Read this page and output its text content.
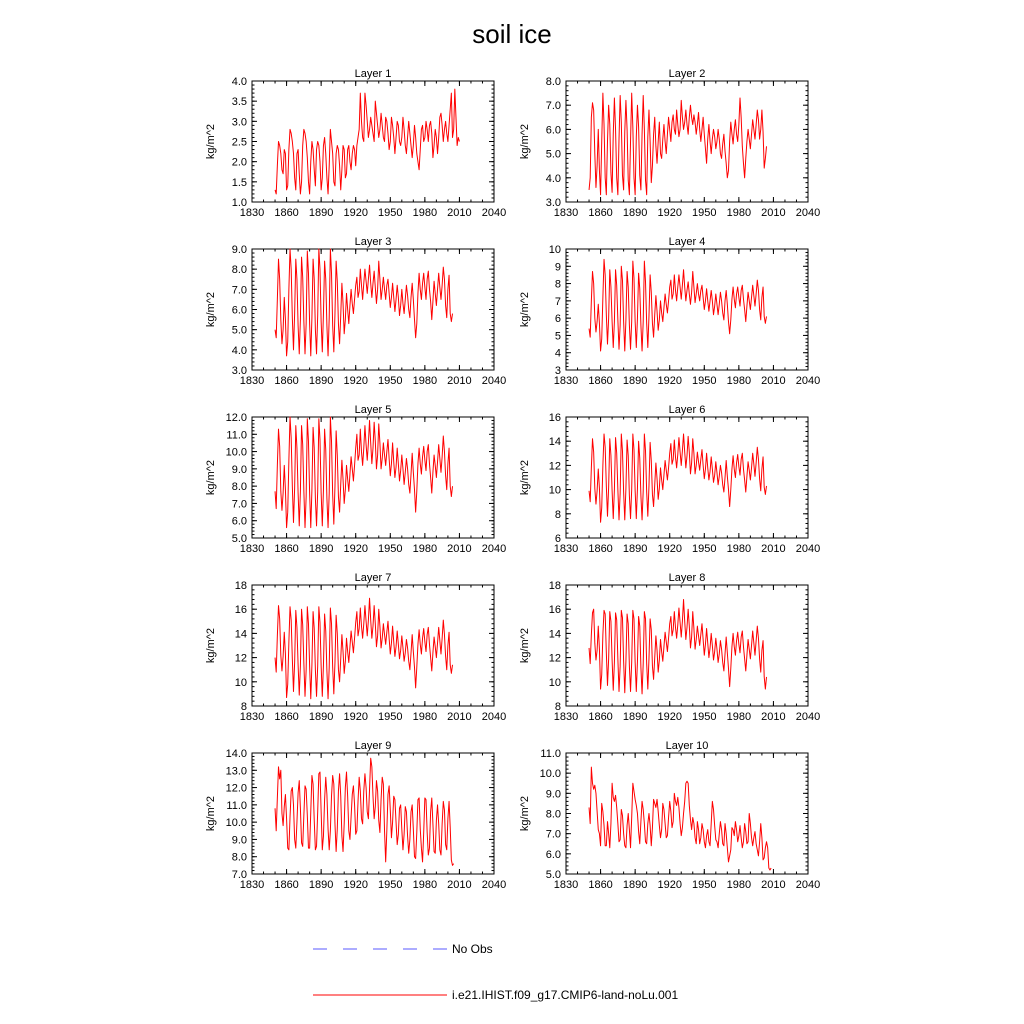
soil ice
Layer 1
kg/m^2
1830 1860 1890 1920 1950 1980 2010 2040
1.0
1.5
2.0
2.5
3.0
3.5
4.0
Layer 2
kg/m^2
1830 1860 1890 1920 1950 1980 2010 2040
3.0
4.0
5.0
6.0
7.0
8.0
Layer 3
kg/m^2
1830 1860 1890 1920 1950 1980 2010 2040
3.0
4.0
5.0
6.0
7.0
8.0
9.0
Layer 4
kg/m^2
1830 1860 1890 1920 1950 1980 2010 2040
3
4
5
6
7
8
9
10
Layer 5
kg/m^2
1830 1860 1890 1920 1950 1980 2010 2040
5.0
6.0
7.0
8.0
9.0
10.0
11.0
12.0
Layer 6
kg/m^2
1830 1860 1890 1920 1950 1980 2010 2040
6
8
10
12
14
16
Layer 7
kg/m^2
1830 1860 1890 1920 1950 1980 2010 2040
8
10
12
14
16
18
Layer 8
kg/m^2
1830 1860 1890 1920 1950 1980 2010 2040
8
10
12
14
16
18
Layer 9
kg/m^2
1830 1860 1890 1920 1950 1980 2010 2040
7.0
8.0
9.0
10.0
11.0
12.0
13.0
14.0
Layer 10
kg/m^2
1830 1860 1890 1920 1950 1980 2010 2040
5.0
6.0
7.0
8.0
9.0
10.0
11.0
No Obs
i.e21.IHIST.f09_g17.CMIP6-land-noLu.001
